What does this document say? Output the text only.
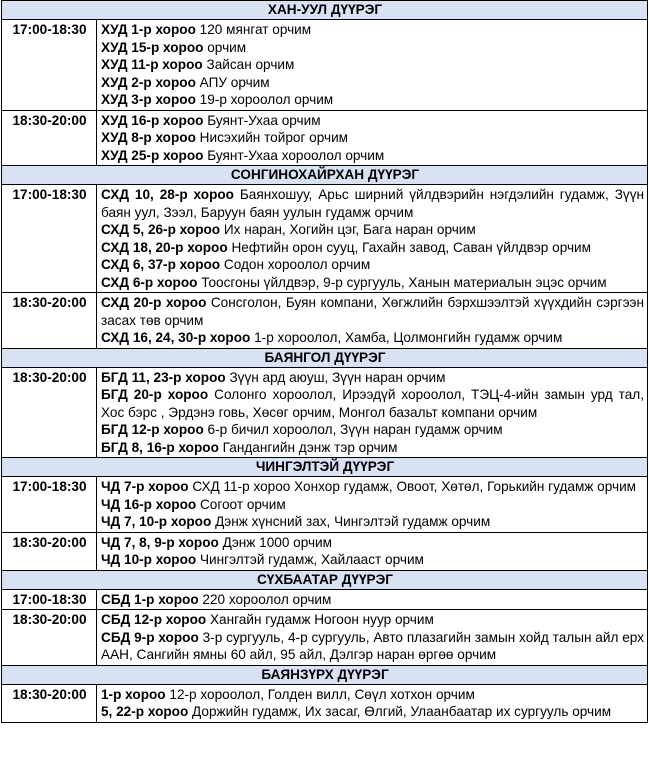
ХАН-УУЛ ДҮҮРЭГ	
17:00-18:30	ХУД 1-р хороо 120 мянгат орчим
ХУД 15-р хороо орчим
ХУД 11-р хороо Зайсан орчим
ХУД 2-р хороо АПУ орчим
ХУД 3-р хороо 19-р хороолол орчим

18:30-20:00	ХУД 16-р хороо Буянт-Ухаа орчим
ХУД 8-р хороо Нисэхийн тойрог орчим
ХУД 25-р хороо Буянт-Ухаа хороолол орчим

СОНГИНОХАЙРХАН ДҮҮРЭГ	
17:00-18:30	СХД 10, 28-р хороо Баянхошуу, Арьс ширний үйлдвэрийн нэгдэлийн гудамж, Зүүн баян уул, Зээл, Баруун баян уулын гудамж орчим
СХД 5, 26-р хороо Их наран, Хогийн цэг, Бага наран орчим
СХД 18, 20-р хороо Нефтийн орон сууц, Гахайн завод, Саван үйлдвэр орчим
СХД 6, 37-р хороо Содон хороолол орчим
СХД 6-р хороо Тоосгоны үйлдвэр, 9-р сургууль, Ханын материалын эцэс орчим

18:30-20:00	СХД 20-р хороо Сонсголон, Буян компани, Хөгжлийн бэрхшээлтэй хүүхдийн сэргээн засах төв орчим
СХД 16, 24, 30-р хороо 1-р хороолол, Хамба, Цолмонгийн гудамж орчим

БАЯНГОЛ ДҮҮРЭГ	
18:30-20:00	БГД 11, 23-р хороо Зүүн ард аюуш, Зүүн наран орчим
БГД 20-р хороо Солонго хороолол, Ирээдүй хороолол, ТЭЦ-4-ийн замын урд тал, Хос бэрс , Эрдэнэ говь, Хөсөг орчим, Монгол базальт компани орчим
БГД 12-р хороо 6-р бичил хороолол, Зүүн наран гудамж орчим
БГД 8, 16-р хороо Гандангийн дэнж тэр орчим

ЧИНГЭЛТЭЙ ДҮҮРЭГ	
17:00-18:30	ЧД 7-р хороо СХД 11-р хороо Хонхор гудамж, Овоот, Хөтөл, Горькийн гудамж орчим
ЧД 16-р хороо Согоот орчим
ЧД 7, 10-р хороо Дэнж хүнсний зах, Чингэлтэй гудамж орчим

18:30-20:00	ЧД 7, 8, 9-р хороо Дэнж 1000 орчим
ЧД 10-р хороо Чингэлтэй гудамж, Хайлааст орчим

СҮХБААТАР ДҮҮРЭГ	
17:00-18:30	СБД 1-р хороо 220 хороолол орчим

18:30-20:00	СБД 12-р хороо Хангайн гудамж Ногоон нуур орчим
СБД 9-р хороо 3-р сургууль, 4-р сургууль, Авто плазагийн замын хойд талын айл ерх ААН, Сангийн ямны 60 айл, 95 айл, Дэлгэр наран өргөө орчим

БАЯНЗҮРХ ДҮҮРЭГ	
18:30-20:00	1-р хороо 12-р хороолол, Голден вилл, Сөүл хотхон орчим
5, 22-р хороо Доржийн гудамж, Их засаг, Өлгий, Улаанбаатар их сургууль орчим
